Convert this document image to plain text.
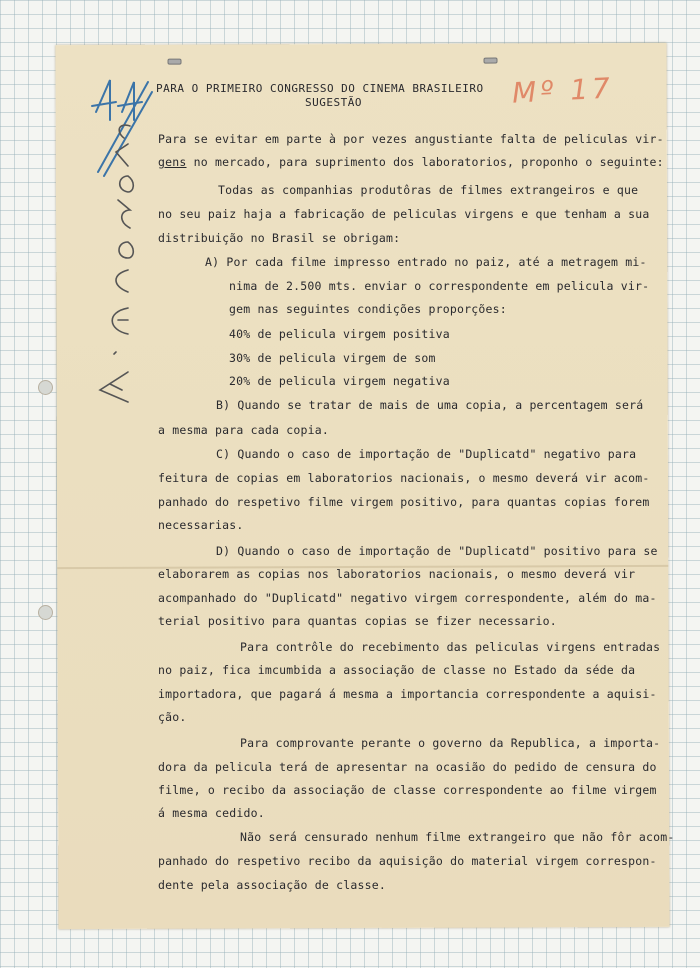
Mº 17

PARA O PRIMEIRO CONGRESSO DO CINEMA BRASILEIRO

SUGESTÃO

Para se evitar em parte à por vezes angustiante falta de peliculas vir-

gens no mercado, para suprimento dos laboratorios, proponho o seguinte:

Todas as companhias produtôras de filmes extrangeiros e que

no seu paiz haja a fabricação de peliculas virgens e que tenham a sua

distribuição no Brasil se obrigam:

A) Por cada filme impresso entrado no paiz, até a metragem mi-

nima de 2.500 mts. enviar o correspondente em pelicula vir-

gem nas seguintes condições proporções:

40% de pelicula virgem positiva

30% de pelicula virgem de som

20% de pelicula virgem negativa

B) Quando se tratar de mais de uma copia, a percentagem será

a mesma para cada copia.

C) Quando o caso de importação de "Duplicatd" negativo para

feitura de copias em laboratorios nacionais, o mesmo deverá vir acom-

panhado do respetivo filme virgem positivo, para quantas copias forem

necessarias.

D) Quando o caso de importação de "Duplicatd" positivo para se

elaborarem as copias nos laboratorios nacionais, o mesmo deverá vir

acompanhado do "Duplicatd" negativo virgem correspondente, além do ma-

terial positivo para quantas copias se fizer necessario.

Para contrôle do recebimento das peliculas virgens entradas

no paiz, fica imcumbida a associação de classe no Estado da séde da

importadora, que pagará á mesma a importancia correspondente a aquisi-

ção.

Para comprovante perante o governo da Republica, a importa-

dora da pelicula terá de apresentar na ocasião do pedido de censura do

filme, o recibo da associação de classe correspondente ao filme virgem

á mesma cedido.

Não será censurado nenhum filme extrangeiro que não fôr acom-

panhado do respetivo recibo da aquisição do material virgem correspon-

dente pela associação de classe.
